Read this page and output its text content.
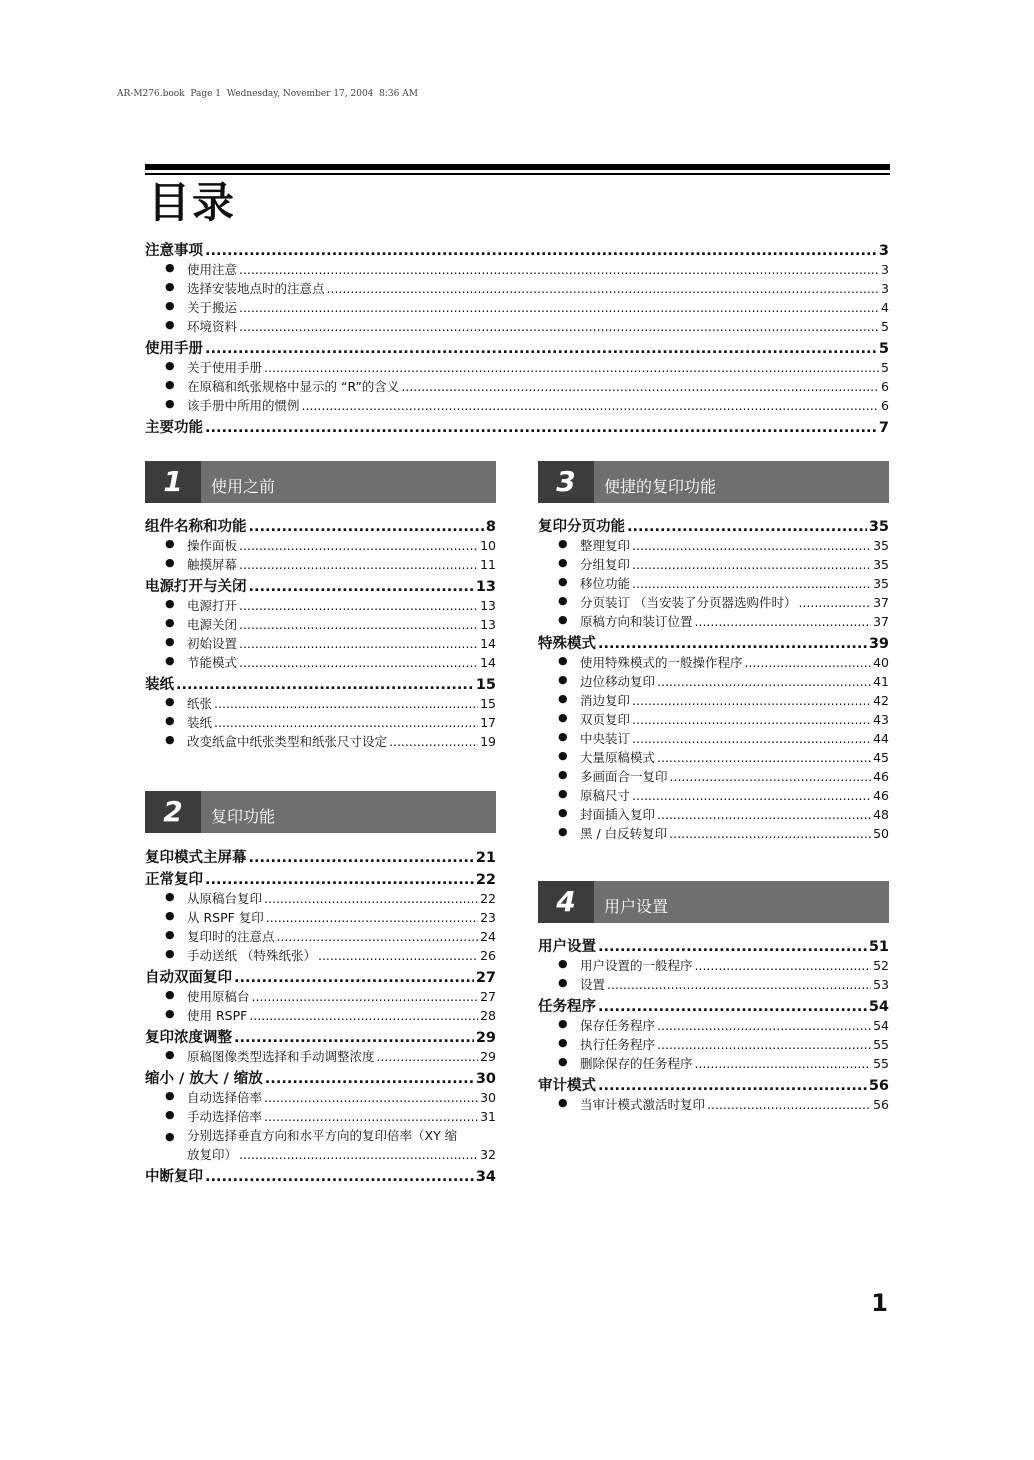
AR-M276.book  Page 1  Wednesday, November 17, 2004  8:36 AM
目录
注意事项 .....	3
● 使用注意 .....	3
● 选择安装地点时的注意点 .....	3
● 关于搬运 .....	4
● 环境资料 .....	5
使用手册 .....	5
● 关于使用手册 .....	5
● 在原稿和纸张规格中显示的 “R”的含义 .....	6
● 该手册中所用的惯例 .....	6
主要功能 .....	7
1	使用之前
组件名称和功能 .....	8
● 操作面板 .....	10
● 触摸屏幕 .....	11
电源打开与关闭 .....	13
● 电源打开 .....	13
● 电源关闭 .....	13
● 初始设置 .....	14
● 节能模式 .....	14
装纸 .....	15
● 纸张 .....	15
● 装纸 .....	17
● 改变纸盒中纸张类型和纸张尺寸设定 .....	19
2	复印功能
复印模式主屏幕 .....	21
正常复印 .....	22
● 从原稿台复印 .....	22
● 从 RSPF 复印 .....	23
● 复印时的注意点 .....	24
● 手动送纸 （特殊纸张） .....	26
自动双面复印 .....	27
● 使用原稿台 .....	27
● 使用 RSPF .....	28
复印浓度调整 .....	29
● 原稿图像类型选择和手动调整浓度 .....	29
缩小 / 放大 / 缩放 .....	30
● 自动选择倍率 .....	30
● 手动选择倍率 .....	31
● 分别选择垂直方向和水平方向的复印倍率（XY 缩
放复印） .....	32
中断复印 .....	34
3	便捷的复印功能
复印分页功能 .....	35
● 整理复印 .....	35
● 分组复印 .....	35
● 移位功能 .....	35
● 分页装订 （当安装了分页器选购件时） .....	37
● 原稿方向和装订位置 .....	37
特殊模式 .....	39
● 使用特殊模式的一般操作程序 .....	40
● 边位移动复印 .....	41
● 消边复印 .....	42
● 双页复印 .....	43
● 中央装订 .....	44
● 大量原稿模式 .....	45
● 多画面合一复印 .....	46
● 原稿尺寸 .....	46
● 封面插入复印 .....	48
● 黑 / 白反转复印 .....	50
4	用户设置
用户设置 .....	51
● 用户设置的一般程序 .....	52
● 设置 .....	53
任务程序 .....	54
● 保存任务程序 .....	54
● 执行任务程序 .....	55
● 删除保存的任务程序 .....	55
审计模式 .....	56
● 当审计模式激活时复印 .....	56
1
